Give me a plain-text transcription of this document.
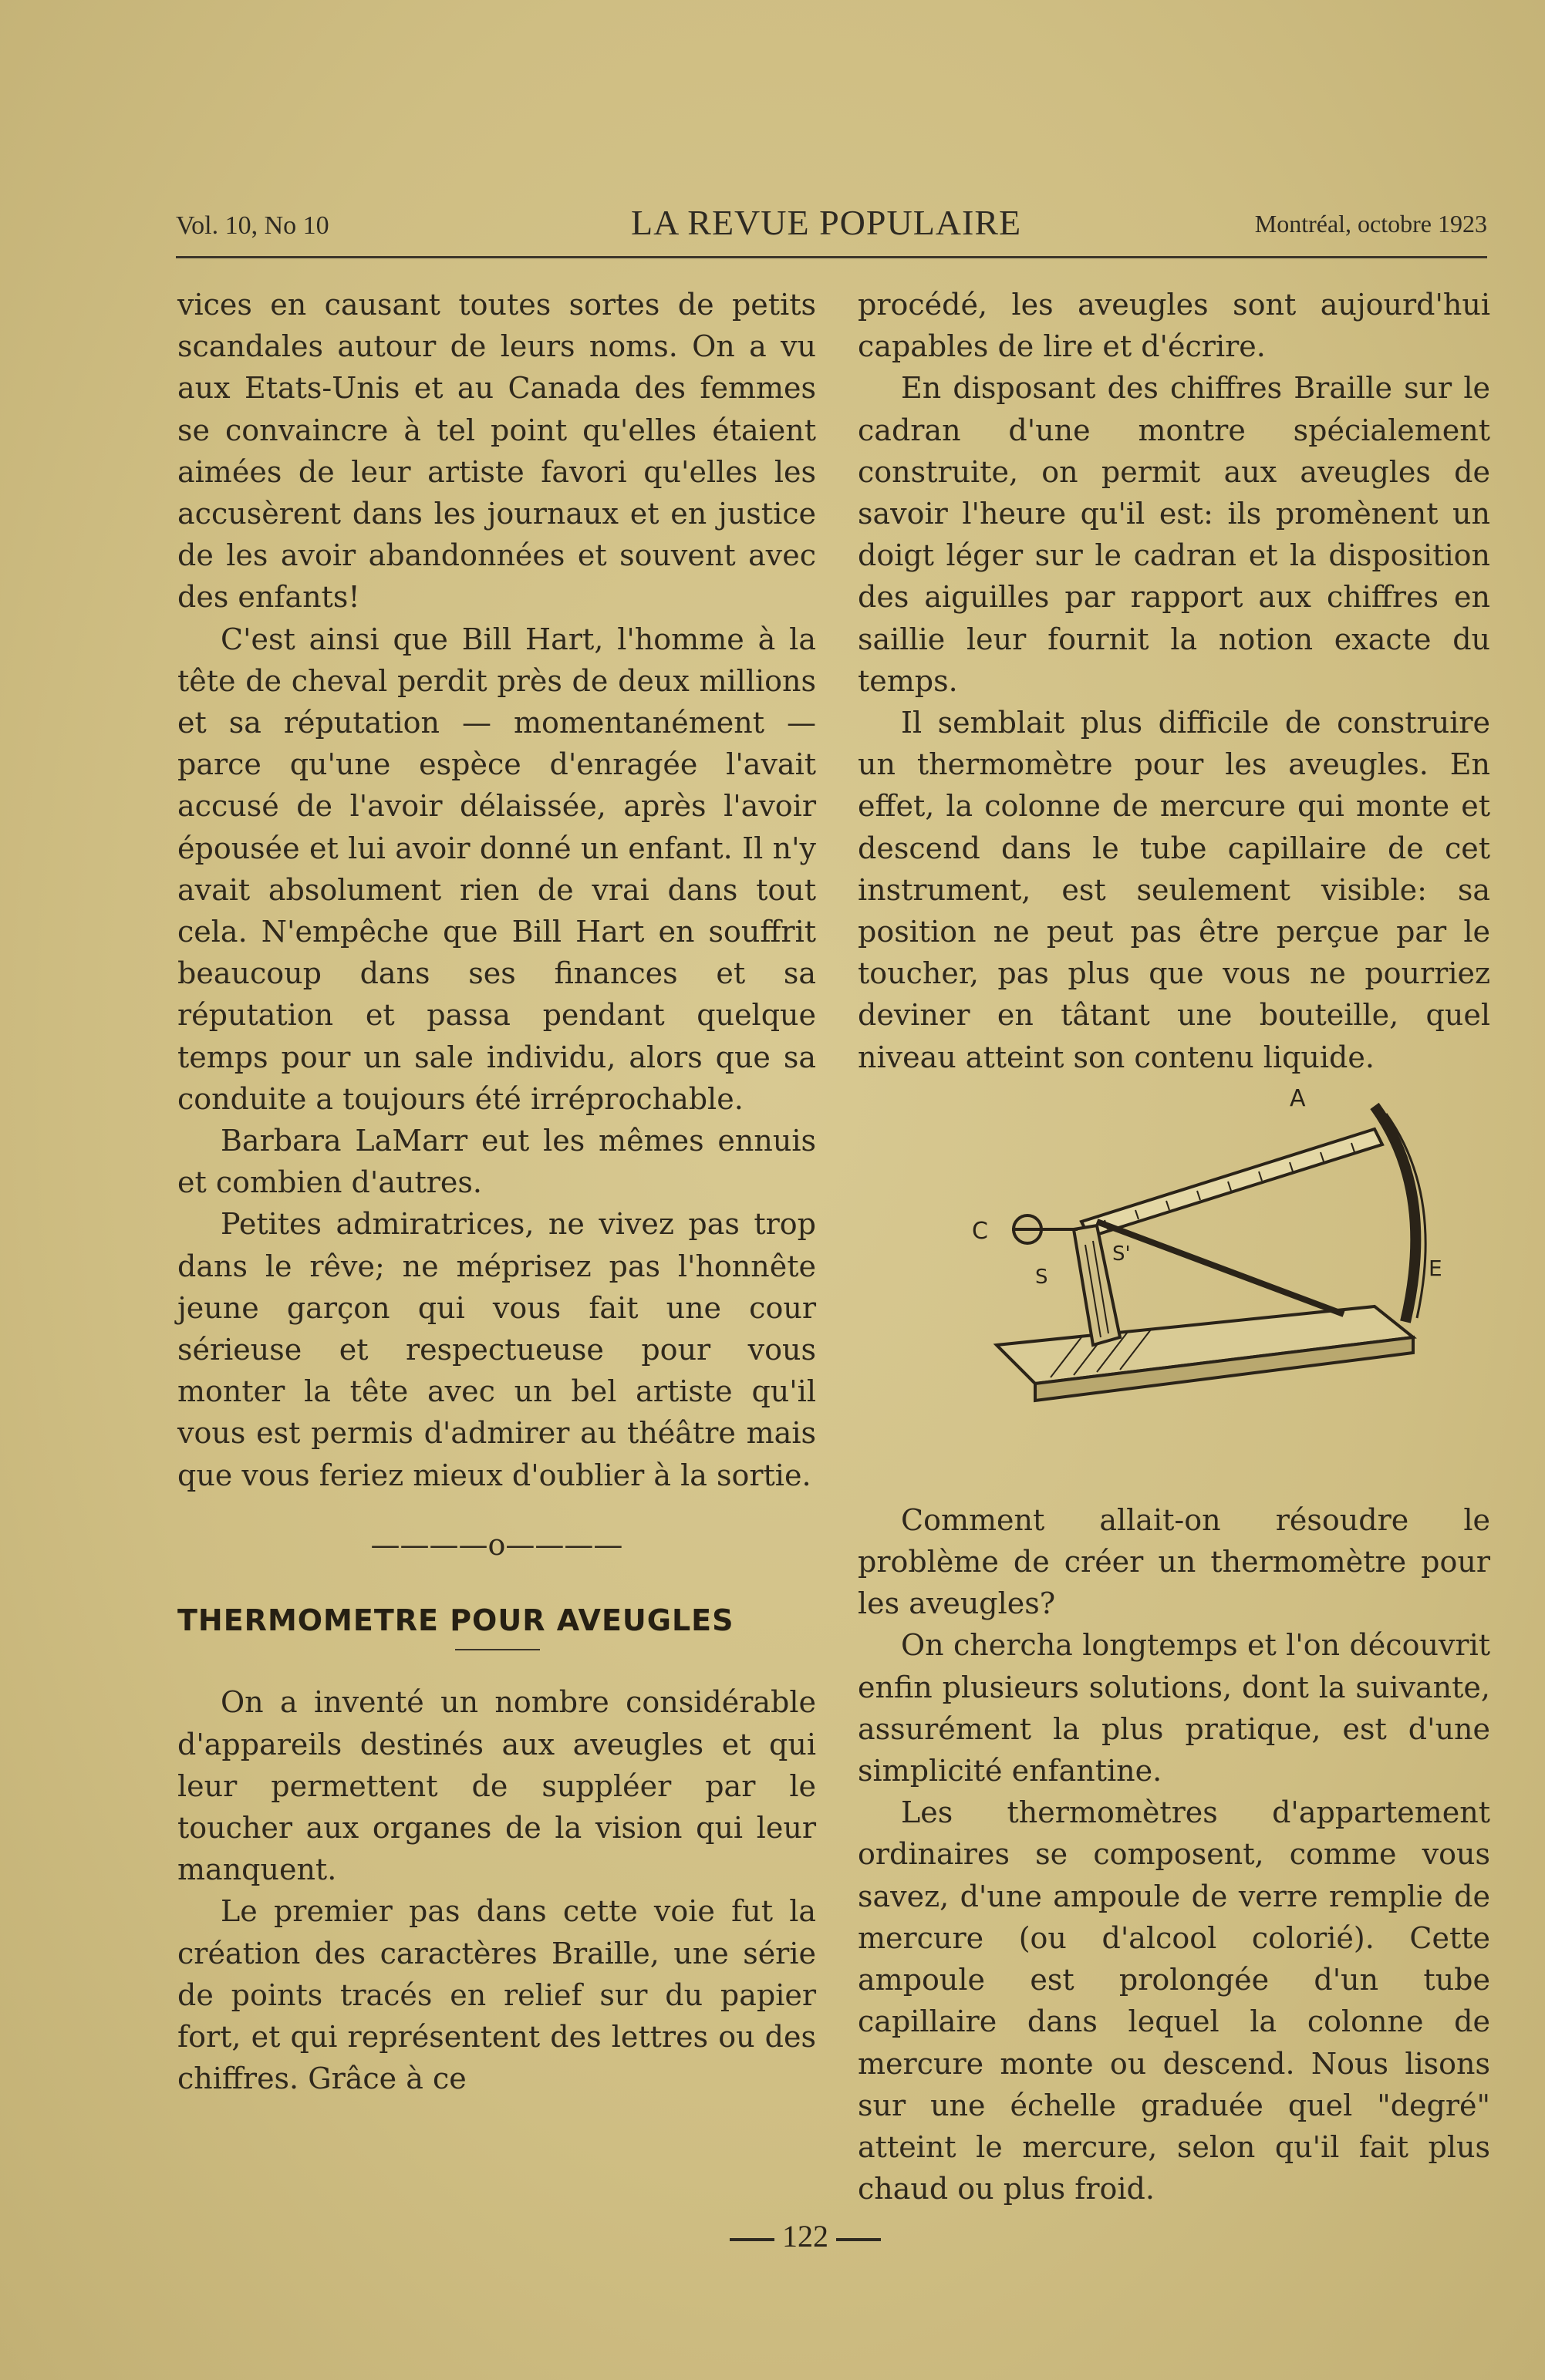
Vol. 10, No 10	LA REVUE POPULAIRE	Montréal, octobre 1923

vices en causant toutes sortes de petits scandales autour de leurs noms. On a vu aux Etats-Unis et au Canada des femmes se convaincre à tel point qu'elles étaient aimées de leur artiste favori qu'elles les accusèrent dans les journaux et en justice de les avoir abandonnées et souvent avec des enfants!

C'est ainsi que Bill Hart, l'homme à la tête de cheval perdit près de deux millions et sa réputation — momentanément — parce qu'une espèce d'enragée l'avait accusé de l'avoir délaissée, après l'avoir épousée et lui avoir donné un enfant. Il n'y avait absolument rien de vrai dans tout cela. N'empêche que Bill Hart en souffrit beaucoup dans ses finances et sa réputation et passa pendant quelque temps pour un sale individu, alors que sa conduite a toujours été irréprochable.

Barbara LaMarr eut les mêmes ennuis et combien d'autres.

Petites admiratrices, ne vivez pas trop dans le rêve; ne méprisez pas l'honnête jeune garçon qui vous fait une cour sérieuse et respectueuse pour vous monter la tête avec un bel artiste qu'il vous est permis d'admirer au théâtre mais que vous feriez mieux d'oublier à la sortie.

————o————
THERMOMETRE POUR AVEUGLES

On a inventé un nombre considérable d'appareils destinés aux aveugles et qui leur permettent de suppléer par le toucher aux organes de la vision qui leur manquent.

Le premier pas dans cette voie fut la création des caractères Braille, une série de points tracés en relief sur du papier fort, et qui représentent des lettres ou des chiffres. Grâce à ce

procédé, les aveugles sont aujourd'hui capables de lire et d'écrire.

En disposant des chiffres Braille sur le cadran d'une montre spécialement construite, on permit aux aveugles de savoir l'heure qu'il est: ils promènent un doigt léger sur le cadran et la disposition des aiguilles par rapport aux chiffres en saillie leur fournit la notion exacte du temps.

Il semblait plus difficile de construire un thermomètre pour les aveugles. En effet, la colonne de mercure qui monte et descend dans le tube capillaire de cet instrument, est seulement visible: sa position ne peut pas être perçue par le toucher, pas plus que vous ne pourriez deviner en tâtant une bouteille, quel niveau atteint son contenu liquide.

A
C
S
S'
E

Comment allait-on résoudre le problème de créer un thermomètre pour les aveugles?

On chercha longtemps et l'on découvrit enfin plusieurs solutions, dont la suivante, assurément la plus pratique, est d'une simplicité enfantine.

Les thermomètres d'appartement ordinaires se composent, comme vous savez, d'une ampoule de verre remplie de mercure (ou d'alcool colorié). Cette ampoule est prolongée d'un tube capillaire dans lequel la colonne de mercure monte ou descend. Nous lisons sur une échelle graduée quel "degré" atteint le mercure, selon qu'il fait plus chaud ou plus froid.

122
